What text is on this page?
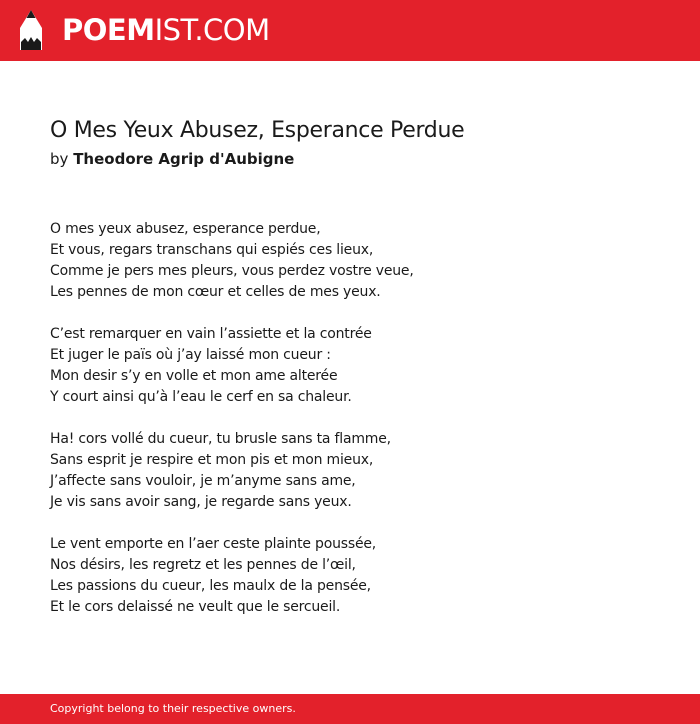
POEMIST.COM
O Mes Yeux Abusez, Esperance Perdue

by Theodore Agrip d'Aubigne

O mes yeux abusez, esperance perdue,
Et vous, regars transchans qui espiés ces lieux,
Comme je pers mes pleurs, vous perdez vostre veue,
Les pennes de mon cœur et celles de mes yeux.
C’est remarquer en vain l’assiette et la contrée
Et juger le païs où j’ay laissé mon cueur :
Mon desir s’y en volle et mon ame alterée
Y court ainsi qu’à l’eau le cerf en sa chaleur.
Ha! cors vollé du cueur, tu brusle sans ta flamme,
Sans esprit je respire et mon pis et mon mieux,
J’affecte sans vouloir, je m’anyme sans ame,
Je vis sans avoir sang, je regarde sans yeux.
Le vent emporte en l’aer ceste plainte poussée,
Nos désirs, les regretz et les pennes de l’œil,
Les passions du cueur, les maulx de la pensée,
Et le cors delaissé ne veult que le sercueil.
Copyright belong to their respective owners.
